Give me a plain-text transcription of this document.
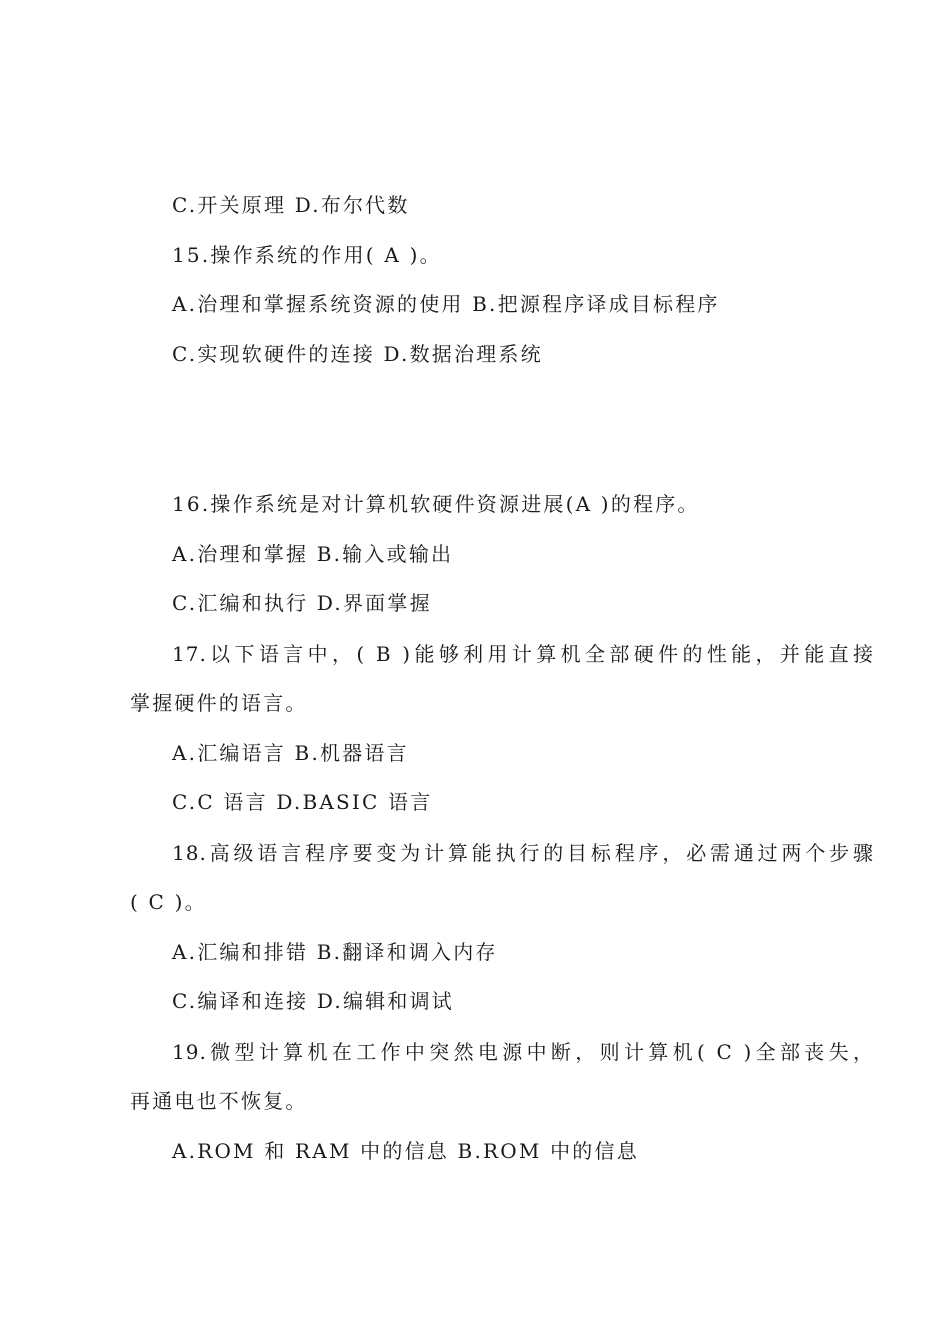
C.开关原理 D.布尔代数
15.操作系统的作用( A )。
A.治理和掌握系统资源的使用 B.把源程序译成目标程序
C.实现软硬件的连接 D.数据治理系统
16.操作系统是对计算机软硬件资源进展(A )的程序。
A.治理和掌握 B.输入或输出
C.汇编和执行 D.界面掌握
17.以下语言中，( B )能够利用计算机全部硬件的性能，并能直接
掌握硬件的语言。
A.汇编语言 B.机器语言
C.C 语言 D.BASIC 语言
18.高级语言程序要变为计算能执行的目标程序，必需通过两个步骤
( C )。
A.汇编和排错 B.翻译和调入内存
C.编译和连接 D.编辑和调试
19.微型计算机在工作中突然电源中断，则计算机( C )全部丧失，
再通电也不恢复。
A.ROM 和 RAM 中的信息 B.ROM 中的信息
